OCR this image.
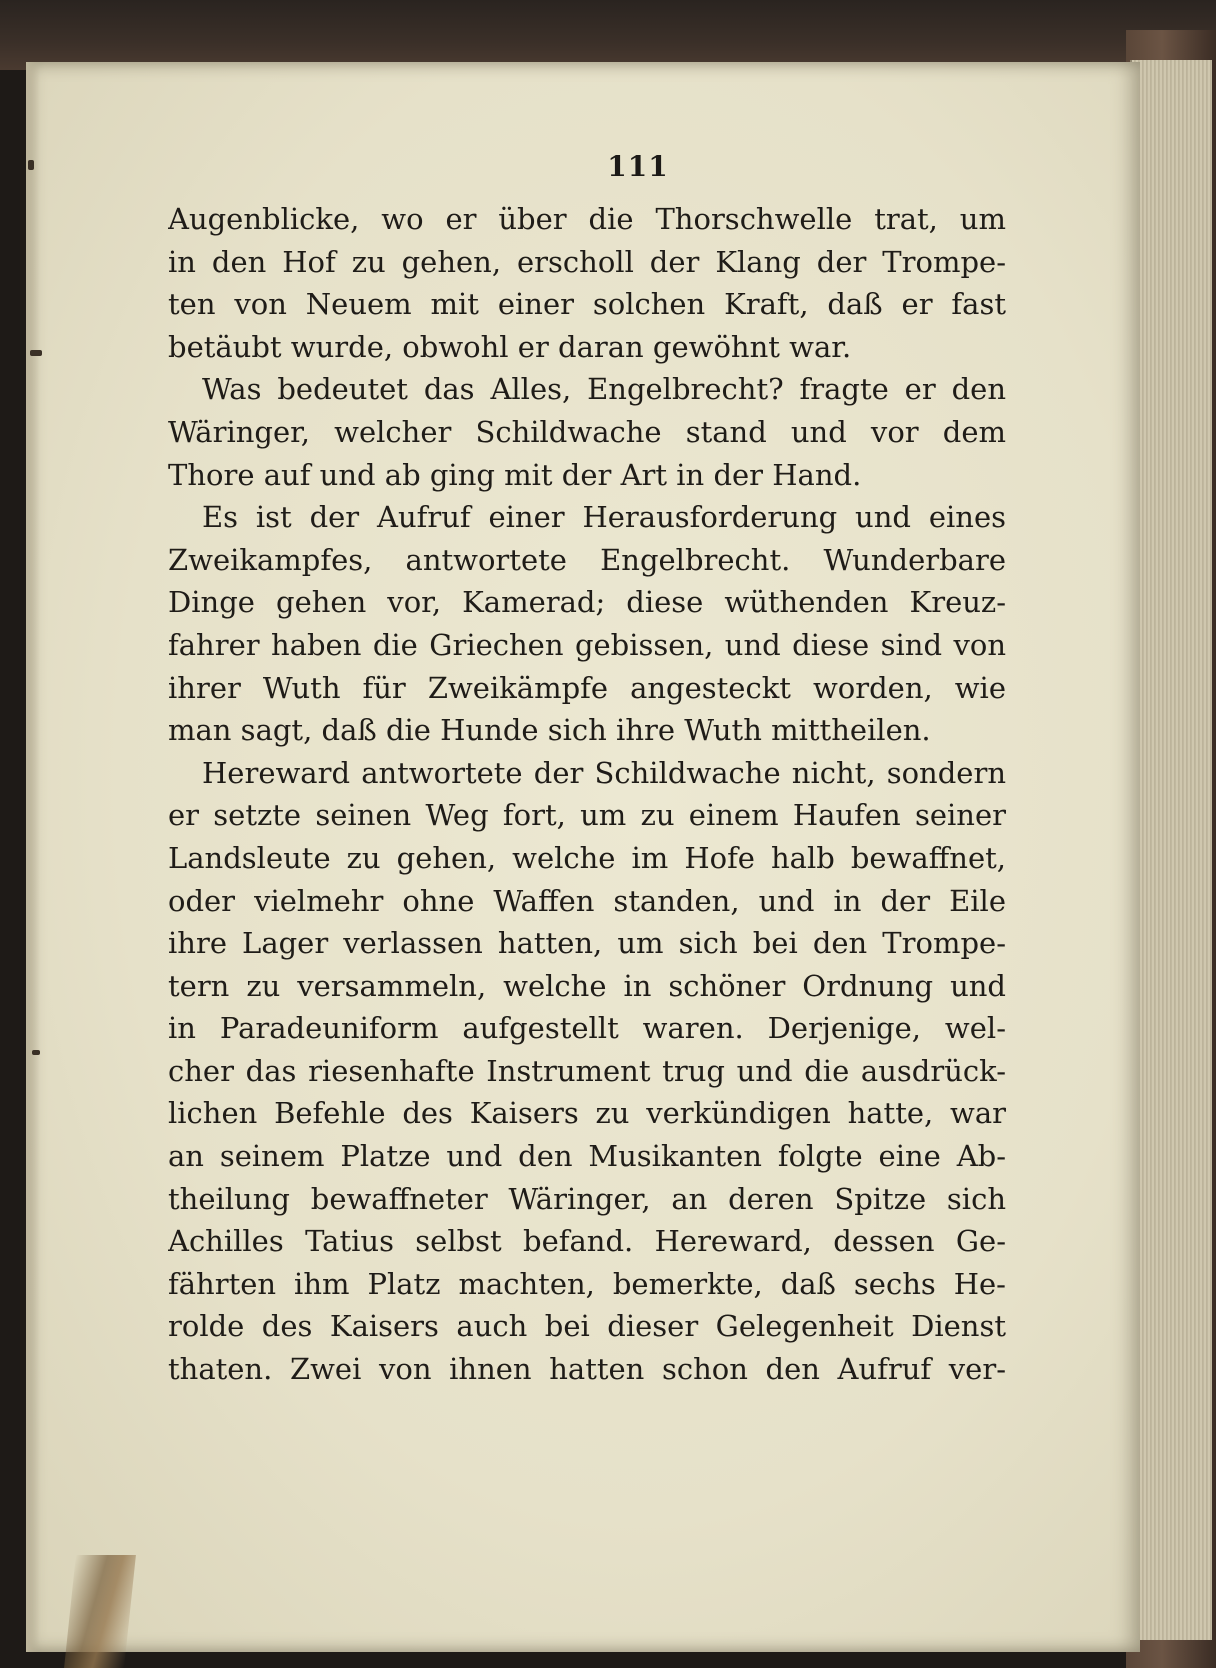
111
Augenblicke, wo er über die Thorschwelle trat, um
in den Hof zu gehen, erscholl der Klang der Trompe-
ten von Neuem mit einer solchen Kraft, daß er fast
betäubt wurde, obwohl er daran gewöhnt war.
Was bedeutet das Alles, Engelbrecht? fragte er den
Wäringer, welcher Schildwache stand und vor dem
Thore auf und ab ging mit der Art in der Hand.
Es ist der Aufruf einer Herausforderung und eines
Zweikampfes, antwortete Engelbrecht. Wunderbare
Dinge gehen vor, Kamerad; diese wüthenden Kreuz-
fahrer haben die Griechen gebissen, und diese sind von
ihrer Wuth für Zweikämpfe angesteckt worden, wie
man sagt, daß die Hunde sich ihre Wuth mittheilen.
Hereward antwortete der Schildwache nicht, sondern
er setzte seinen Weg fort, um zu einem Haufen seiner
Landsleute zu gehen, welche im Hofe halb bewaffnet,
oder vielmehr ohne Waffen standen, und in der Eile
ihre Lager verlassen hatten, um sich bei den Trompe-
tern zu versammeln, welche in schöner Ordnung und
in Paradeuniform aufgestellt waren. Derjenige, wel-
cher das riesenhafte Instrument trug und die ausdrück-
lichen Befehle des Kaisers zu verkündigen hatte, war
an seinem Platze und den Musikanten folgte eine Ab-
theilung bewaffneter Wäringer, an deren Spitze sich
Achilles Tatius selbst befand. Hereward, dessen Ge-
fährten ihm Platz machten, bemerkte, daß sechs He-
rolde des Kaisers auch bei dieser Gelegenheit Dienst
thaten. Zwei von ihnen hatten schon den Aufruf ver-
